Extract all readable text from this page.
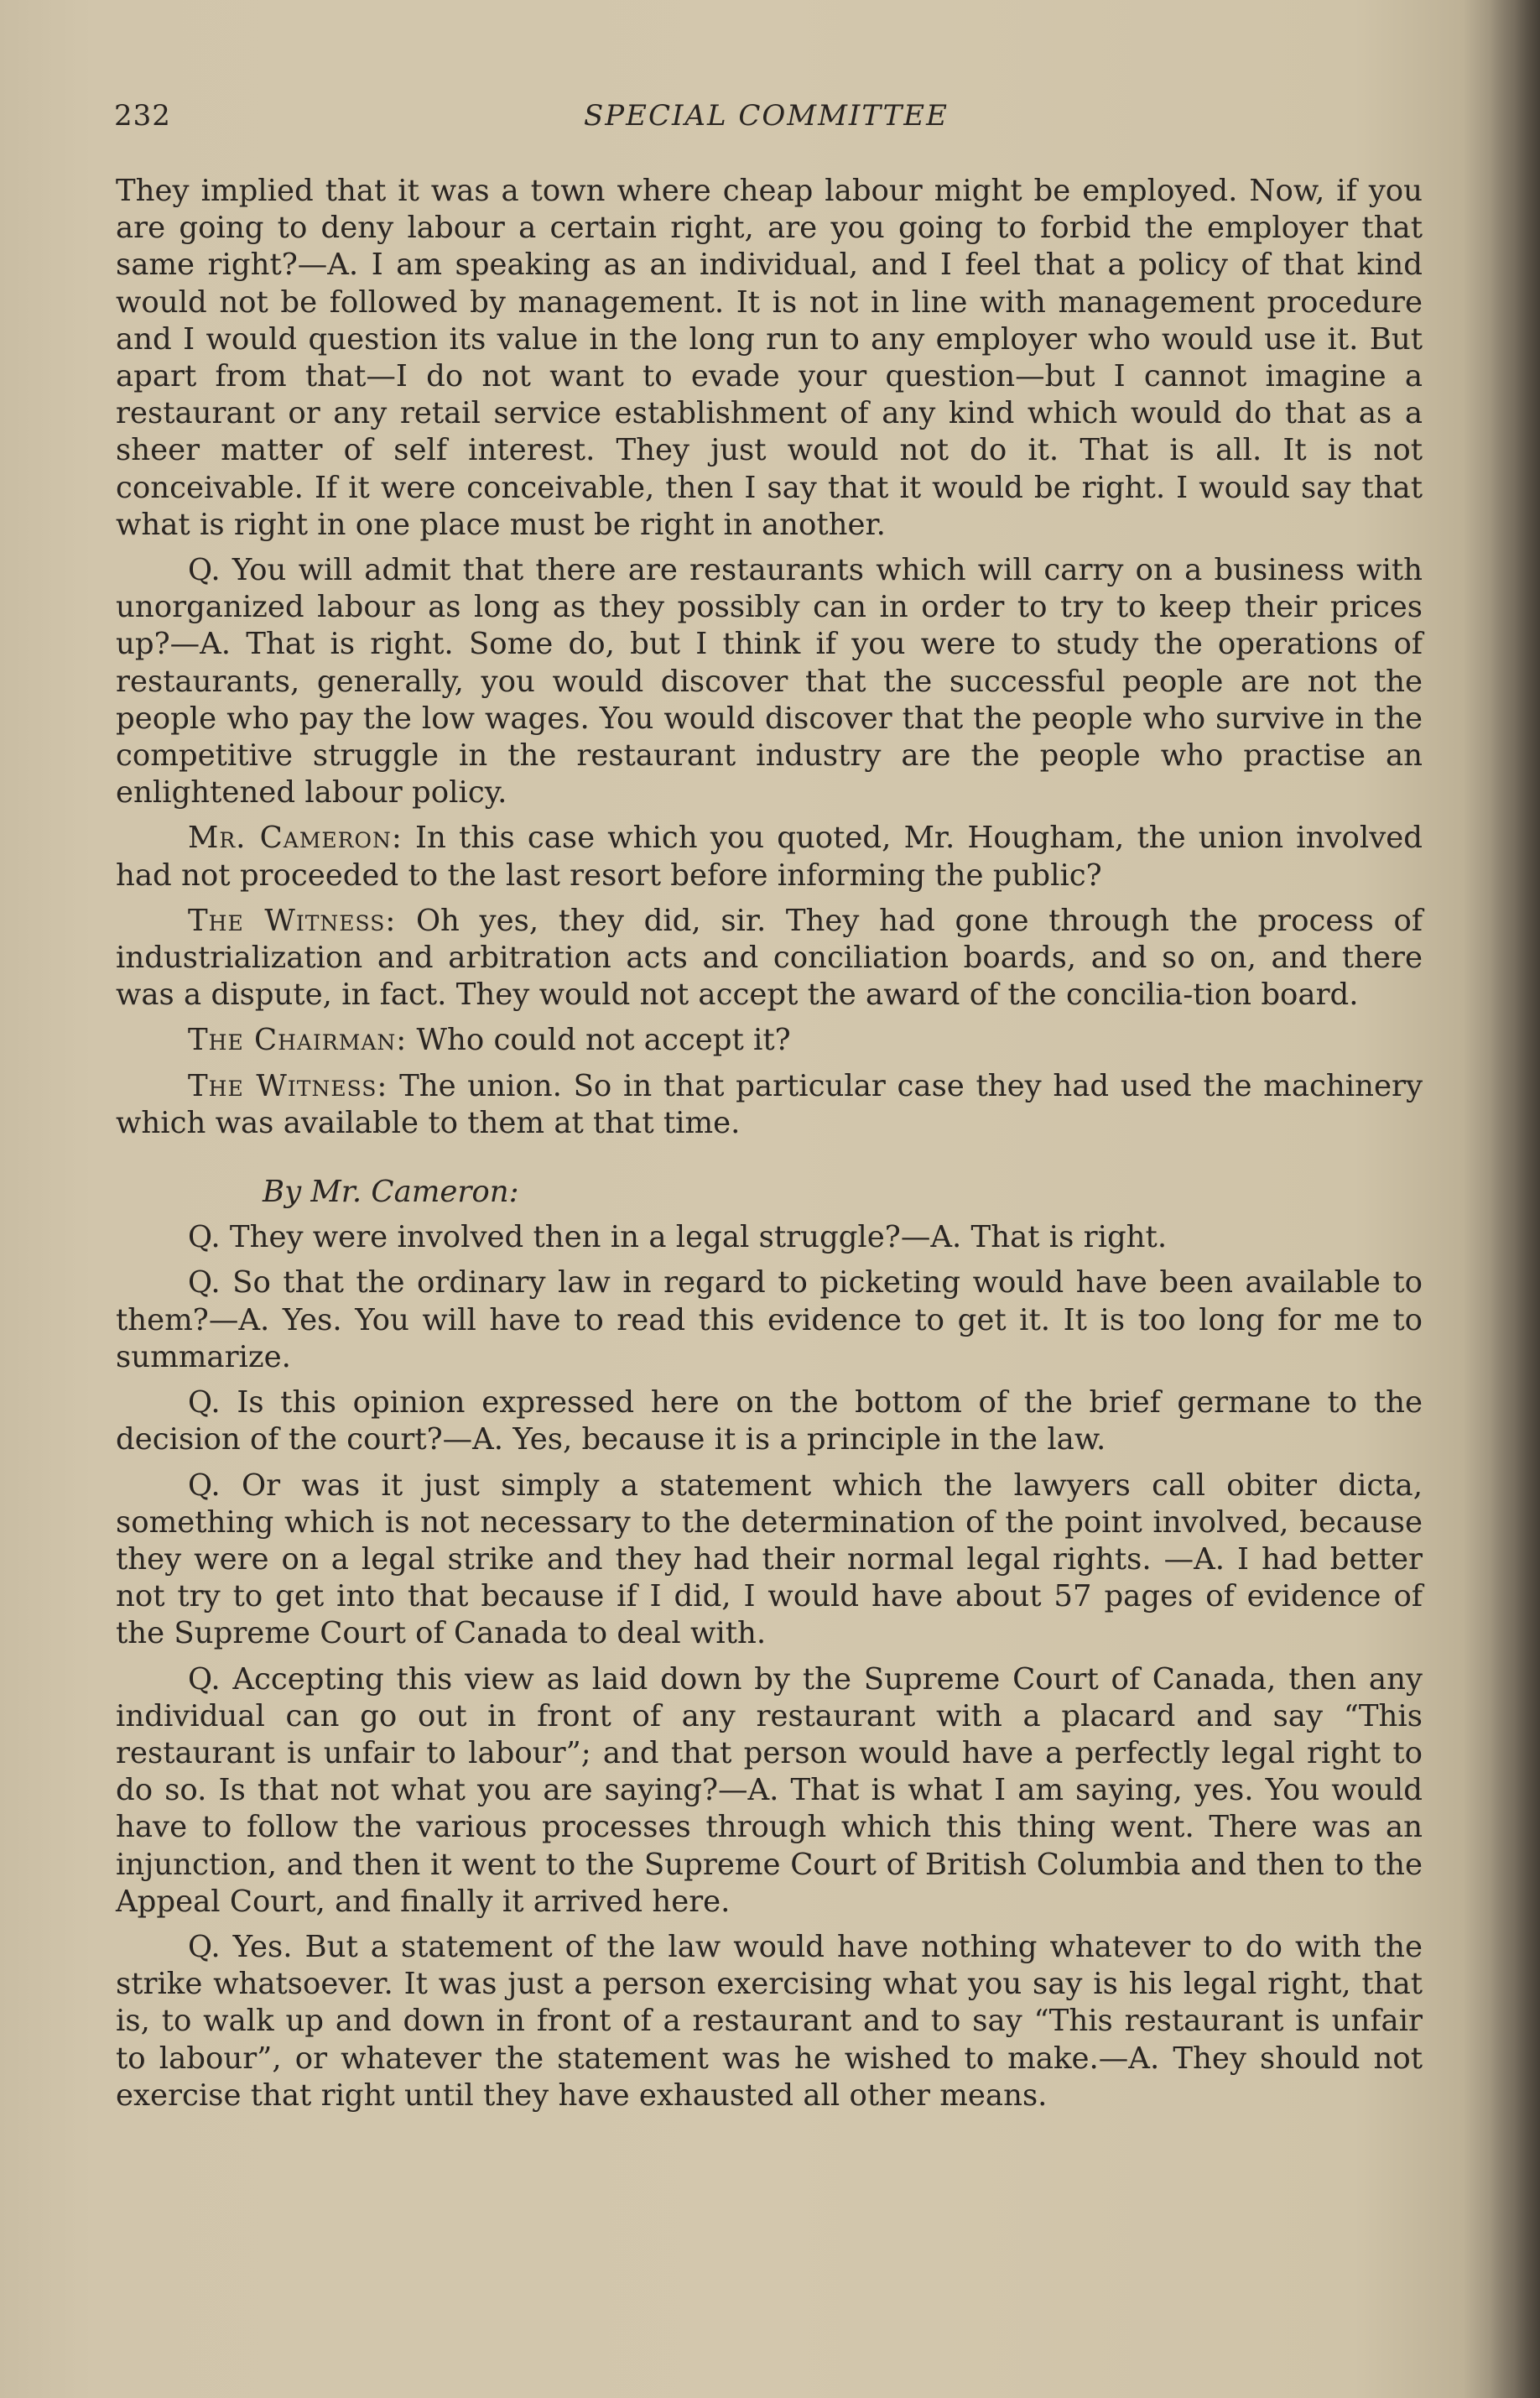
232	SPECIAL COMMITTEE

They implied that it was a town where cheap labour might be employed. Now, if you are going to deny labour a certain right, are you going to forbid the employer that same right?—A. I am speaking as an individual, and I feel that a policy of that kind would not be followed by management. It is not in line with management procedure and I would question its value in the long run to any employer who would use it. But apart from that—I do not want to evade your question—but I cannot imagine a restaurant or any retail service establishment of any kind which would do that as a sheer matter of self interest. They just would not do it. That is all. It is not conceivable. If it were conceivable, then I say that it would be right. I would say that what is right in one place must be right in another.

Q. You will admit that there are restaurants which will carry on a business with unorganized labour as long as they possibly can in order to try to keep their prices up?—A. That is right. Some do, but I think if you were to study the operations of restaurants, generally, you would discover that the successful people are not the people who pay the low wages. You would discover that the people who survive in the competitive struggle in the restaurant industry are the people who practise an enlightened labour policy.

Mr. Cameron: In this case which you quoted, Mr. Hougham, the union involved had not proceeded to the last resort before informing the public?

The Witness: Oh yes, they did, sir. They had gone through the process of industrialization and arbitration acts and conciliation boards, and so on, and there was a dispute, in fact. They would not accept the award of the concilia-tion board.

The Chairman: Who could not accept it?

The Witness: The union. So in that particular case they had used the machinery which was available to them at that time.

By Mr. Cameron:

Q. They were involved then in a legal struggle?—A. That is right.

Q. So that the ordinary law in regard to picketing would have been available to them?—A. Yes. You will have to read this evidence to get it. It is too long for me to summarize.

Q. Is this opinion expressed here on the bottom of the brief germane to the decision of the court?—A. Yes, because it is a principle in the law.

Q. Or was it just simply a statement which the lawyers call obiter dicta, something which is not necessary to the determination of the point involved, because they were on a legal strike and they had their normal legal rights. —A. I had better not try to get into that because if I did, I would have about 57 pages of evidence of the Supreme Court of Canada to deal with.

Q. Accepting this view as laid down by the Supreme Court of Canada, then any individual can go out in front of any restaurant with a placard and say “This restaurant is unfair to labour”; and that person would have a perfectly legal right to do so. Is that not what you are saying?—A. That is what I am saying, yes. You would have to follow the various processes through which this thing went. There was an injunction, and then it went to the Supreme Court of British Columbia and then to the Appeal Court, and finally it arrived here.

Q. Yes. But a statement of the law would have nothing whatever to do with the strike whatsoever. It was just a person exercising what you say is his legal right, that is, to walk up and down in front of a restaurant and to say “This restaurant is unfair to labour”, or whatever the statement was he wished to make.—A. They should not exercise that right until they have exhausted all other means.
